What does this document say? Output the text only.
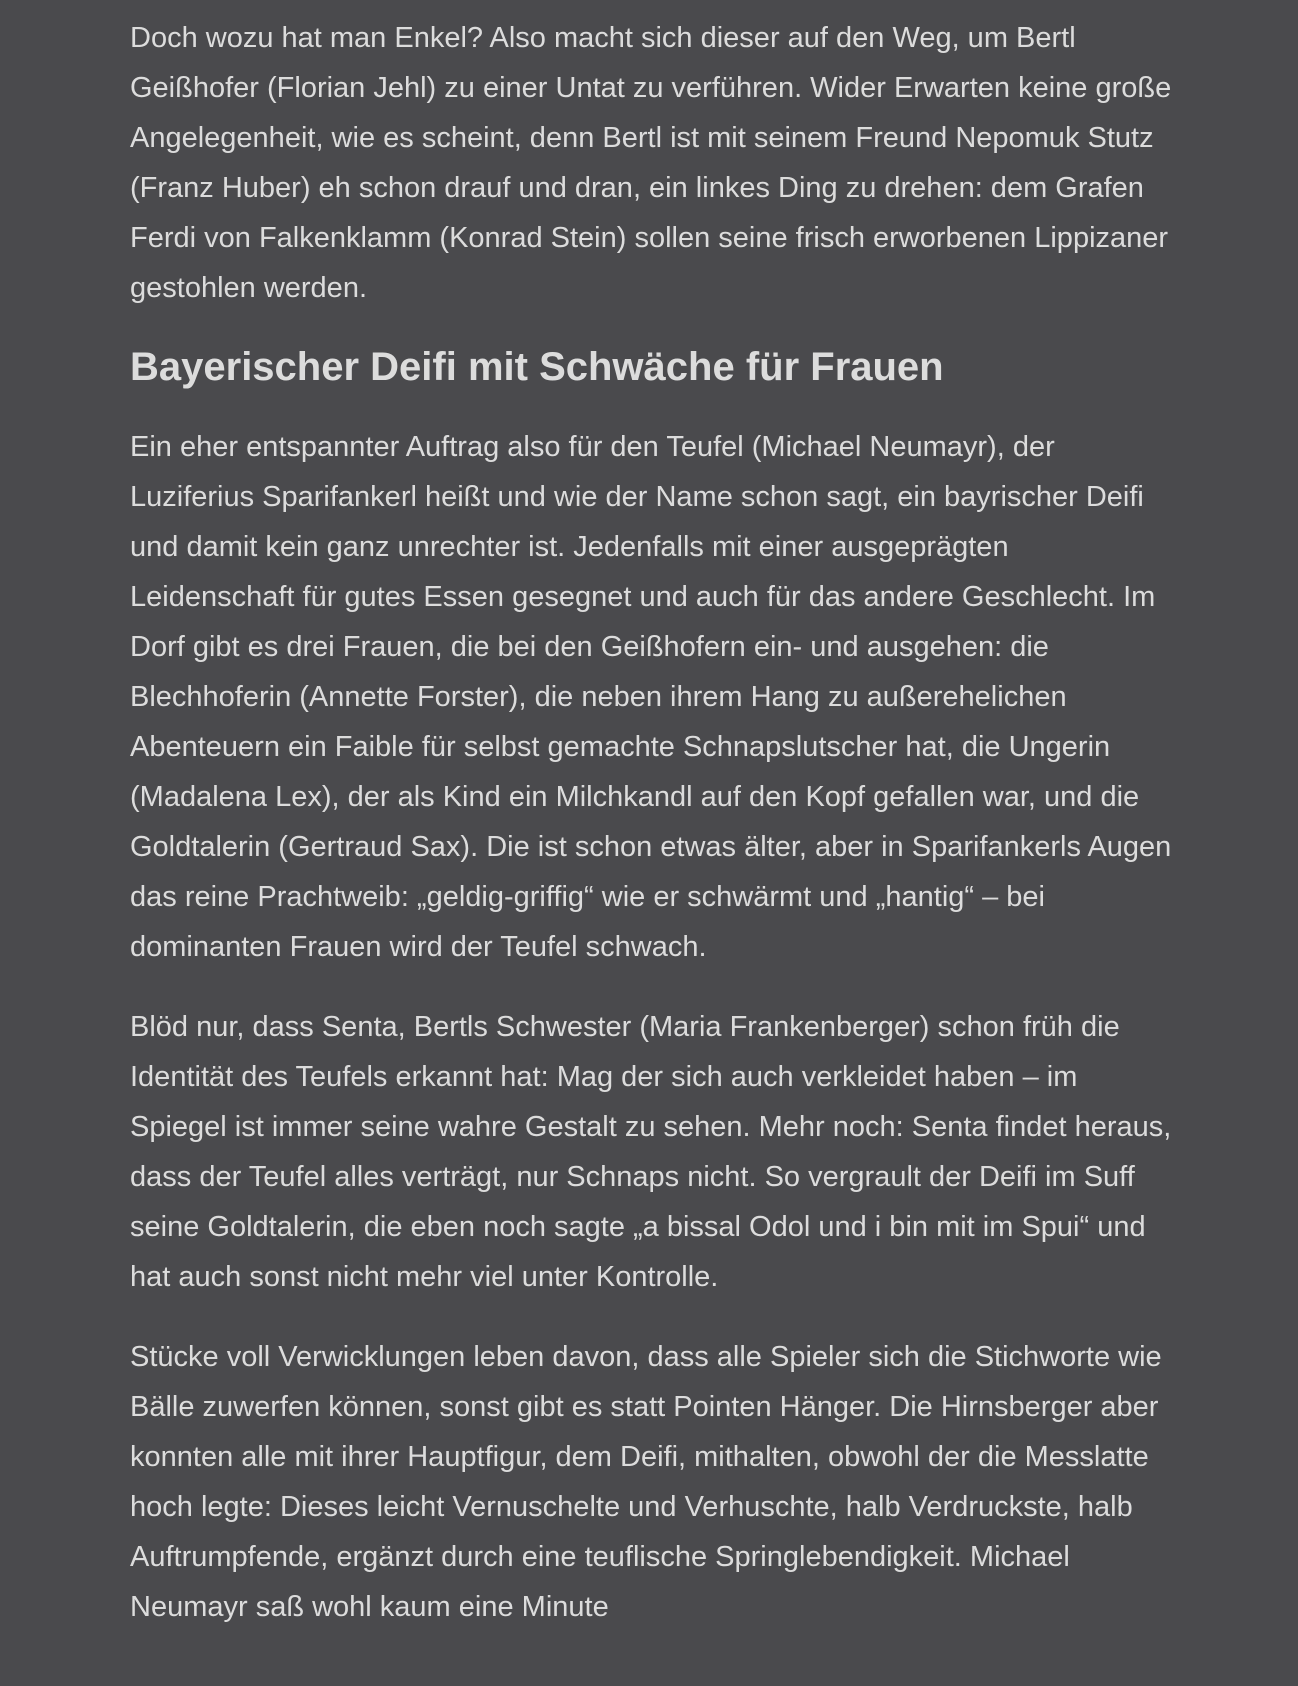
Doch wozu hat man Enkel? Also macht sich dieser auf den Weg, um Bertl Geißhofer (Florian Jehl) zu einer Untat zu verführen. Wider Erwarten keine große Angelegenheit, wie es scheint, denn Bertl ist mit seinem Freund Nepomuk Stutz (Franz Huber) eh schon drauf und dran, ein linkes Ding zu drehen: dem Grafen Ferdi von Falkenklamm (Konrad Stein) sollen seine frisch erworbenen Lippizaner gestohlen werden.

Bayerischer Deifi mit Schwäche für Frauen

Ein eher entspannter Auftrag also für den Teufel (Michael Neumayr), der Luziferius Sparifankerl heißt und wie der Name schon sagt, ein bayrischer Deifi und damit kein ganz unrechter ist. Jedenfalls mit einer ausgeprägten Leidenschaft für gutes Essen gesegnet und auch für das andere Geschlecht. Im Dorf gibt es drei Frauen, die bei den Geißhofern ein- und ausgehen: die Blechhoferin (Annette Forster), die neben ihrem Hang zu außerehelichen Abenteuern ein Faible für selbst gemachte Schnapslutscher hat, die Ungerin (Madalena Lex), der als Kind ein Milchkandl auf den Kopf gefallen war, und die Goldtalerin (Gertraud Sax). Die ist schon etwas älter, aber in Sparifankerls Augen das reine Prachtweib: „geldig-griffig“ wie er schwärmt und „hantig“ – bei dominanten Frauen wird der Teufel schwach.

Blöd nur, dass Senta, Bertls Schwester (Maria Frankenberger) schon früh die Identität des Teufels erkannt hat: Mag der sich auch verkleidet haben – im Spiegel ist immer seine wahre Gestalt zu sehen. Mehr noch: Senta findet heraus, dass der Teufel alles verträgt, nur Schnaps nicht. So vergrault der Deifi im Suff seine Goldtalerin, die eben noch sagte „a bissal Odol und i bin mit im Spui“ und hat auch sonst nicht mehr viel unter Kontrolle.

Stücke voll Verwicklungen leben davon, dass alle Spieler sich die Stichworte wie Bälle zuwerfen können, sonst gibt es statt Pointen Hänger. Die Hirnsberger aber konnten alle mit ihrer Hauptfigur, dem Deifi, mithalten, obwohl der die Messlatte hoch legte: Dieses leicht Vernuschelte und Verhuschte, halb Verdruckste, halb Auftrumpfende, ergänzt durch eine teuflische Springlebendigkeit. Michael Neumayr saß wohl kaum eine Minute
